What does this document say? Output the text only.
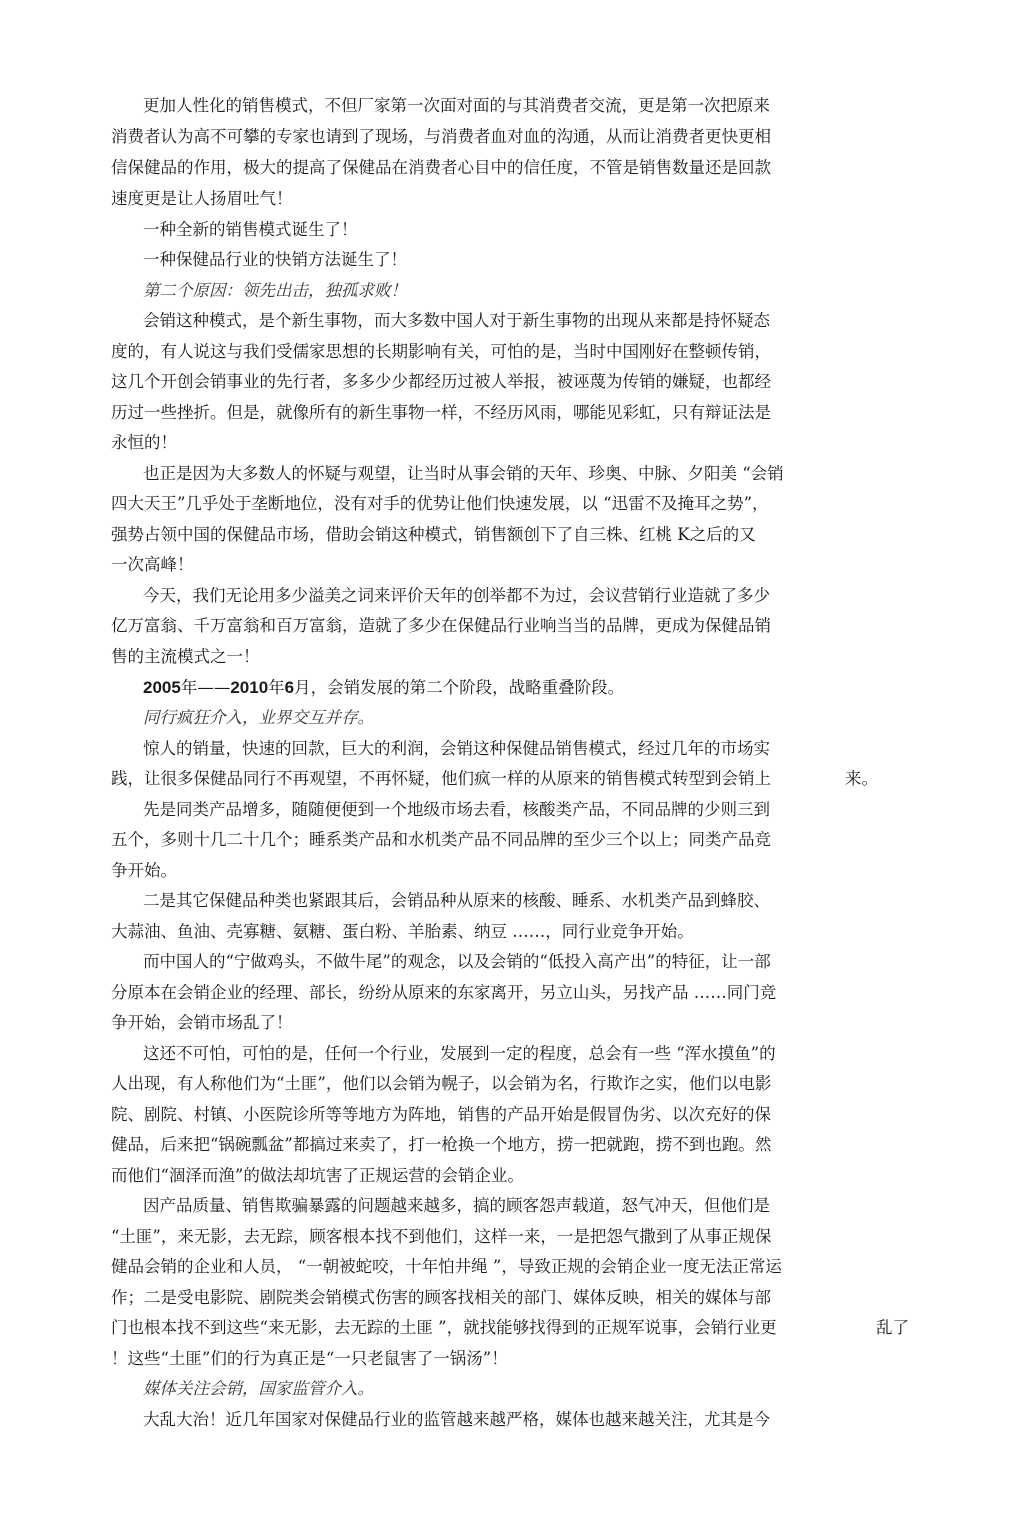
更加人性化的销售模式，不但厂家第一次面对面的与其消费者交流，更是第一次把原来

消费者认为高不可攀的专家也请到了现场，与消费者血对血的沟通，从而让消费者更快更相

信保健品的作用，极大的提高了保健品在消费者心目中的信任度，不管是销售数量还是回款

速度更是让人扬眉吐气！

一种全新的销售模式诞生了！

一种保健品行业的快销方法诞生了！

第二个原因：领先出击，独孤求败！

会销这种模式，是个新生事物，而大多数中国人对于新生事物的出现从来都是持怀疑态

度的，有人说这与我们受儒家思想的长期影响有关，可怕的是，当时中国刚好在整顿传销，

这几个开创会销事业的先行者，多多少少都经历过被人举报，被诬蔑为传销的嫌疑，也都经

历过一些挫折。但是，就像所有的新生事物一样，不经历风雨，哪能见彩虹，只有辩证法是

永恒的！

也正是因为大多数人的怀疑与观望，让当时从事会销的天年、珍奥、中脉、夕阳美 “会销

四大天王”几乎处于垄断地位，没有对手的优势让他们快速发展，以 “迅雷不及掩耳之势”，

强势占领中国的保健品市场，借助会销这种模式，销售额创下了自三株、红桃 K之后的又

一次高峰！

今天，我们无论用多少溢美之词来评价天年的创举都不为过，会议营销行业造就了多少

亿万富翁、千万富翁和百万富翁，造就了多少在保健品行业响当当的品牌，更成为保健品销

售的主流模式之一！

2005年——2010年6月，会销发展的第二个阶段，战略重叠阶段。

同行疯狂介入，业界交互并存。

惊人的销量，快速的回款，巨大的利润，会销这种保健品销售模式，经过几年的市场实

践，让很多保健品同行不再观望，不再怀疑，他们疯一样的从原来的销售模式转型到会销上	来。

先是同类产品增多，随随便便到一个地级市场去看，核酸类产品，不同品牌的少则三到

五个，多则十几二十几个；睡系类产品和水机类产品不同品牌的至少三个以上；同类产品竞

争开始。

二是其它保健品种类也紧跟其后，会销品种从原来的核酸、睡系、水机类产品到蜂胶、

大蒜油、鱼油、壳寡糖、氨糖、蛋白粉、羊胎素、纳豆 ……，同行业竞争开始。

而中国人的“宁做鸡头，不做牛尾”的观念，以及会销的“低投入高产出”的特征，让一部

分原本在会销企业的经理、部长，纷纷从原来的东家离开，另立山头，另找产品 ……同门竞

争开始，会销市场乱了！

这还不可怕，可怕的是，任何一个行业，发展到一定的程度，总会有一些 “浑水摸鱼”的

人出现，有人称他们为“土匪”，他们以会销为幌子，以会销为名，行欺诈之实，他们以电影

院、剧院、村镇、小医院诊所等等地方为阵地，销售的产品开始是假冒伪劣、以次充好的保

健品，后来把“锅碗瓢盆”都搞过来卖了，打一枪换一个地方，捞一把就跑，捞不到也跑。然

而他们“涸泽而渔”的做法却坑害了正规运营的会销企业。

因产品质量、销售欺骗暴露的问题越来越多，搞的顾客怨声载道，怒气冲天，但他们是

“土匪”，来无影，去无踪，顾客根本找不到他们，这样一来，一是把怨气撒到了从事正规保

健品会销的企业和人员， “一朝被蛇咬，十年怕井绳 ”，导致正规的会销企业一度无法正常运

作；二是受电影院、剧院类会销模式伤害的顾客找相关的部门、媒体反映，相关的媒体与部

门也根本找不到这些“来无影，去无踪的土匪 ”，就找能够找得到的正规军说事，会销行业更	乱了

！这些“土匪”们的行为真正是“一只老鼠害了一锅汤”！

媒体关注会销，国家监管介入。

大乱大治！近几年国家对保健品行业的监管越来越严格，媒体也越来越关注，尤其是今
